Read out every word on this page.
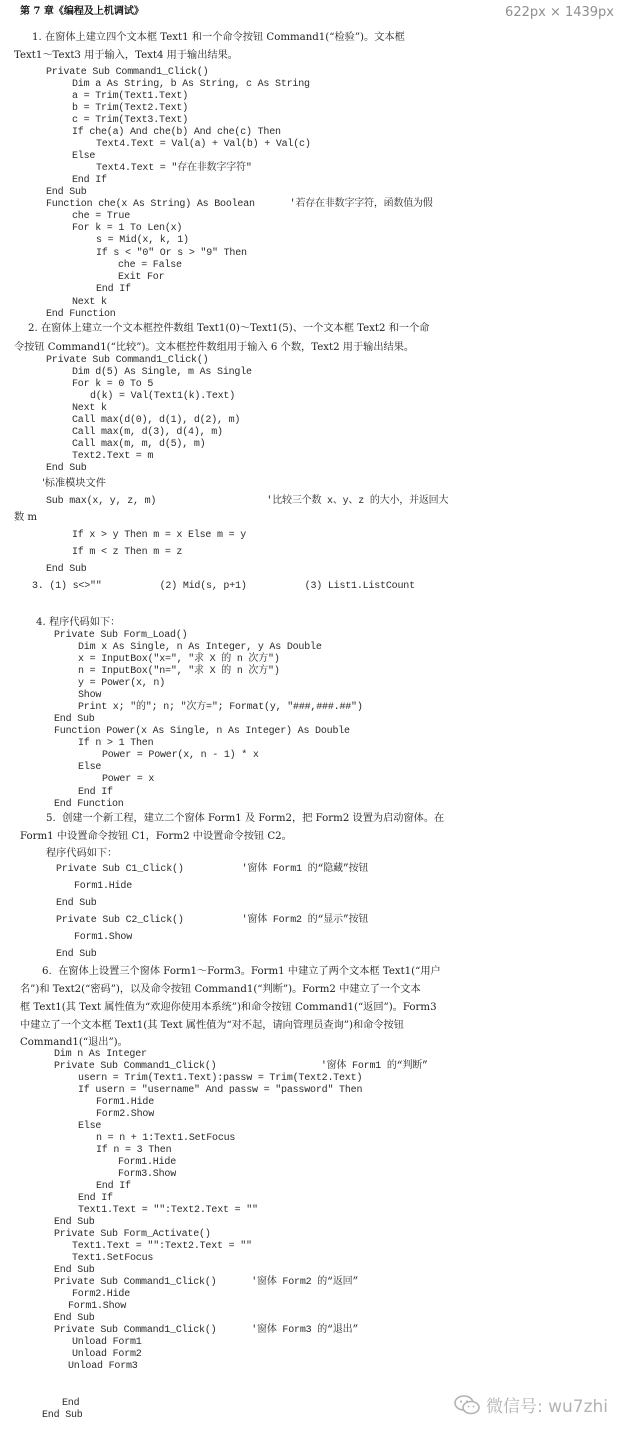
622px × 1439px
第 7 章《编程及上机调试》
1. 在窗体上建立四个文本框 Text1 和一个命令按钮 Command1(“检验”)。文本框
Text1～Text3 用于输入，Text4 用于输出结果。
Private Sub Command1_Click()
Dim a As String, b As String, c As String
a = Trim(Text1.Text)
b = Trim(Text2.Text)
c = Trim(Text3.Text)
If che(a) And che(b) And che(c) Then
Text4.Text = Val(a) + Val(b) + Val(c)
Else
Text4.Text = "存在非数字字符"
End If
End Sub
Function che(x As String) As Boolean      '若存在非数字字符，函数值为假
che = True
For k = 1 To Len(x)
s = Mid(x, k, 1)
If s < "0" Or s > "9" Then
che = False
Exit For
End If
Next k
End Function
2. 在窗体上建立一个文本框控件数组 Text1(0)～Text1(5)、一个文本框 Text2 和一个命
令按钮 Command1(“比较”)。文本框控件数组用于输入 6 个数，Text2 用于输出结果。
Private Sub Command1_Click()
Dim d(5) As Single, m As Single
For k = 0 To 5
d(k) = Val(Text1(k).Text)
Next k
Call max(d(0), d(1), d(2), m)
Call max(m, d(3), d(4), m)
Call max(m, m, d(5), m)
Text2.Text = m
End Sub
'标准模块文件
Sub max(x, y, z, m)                   '比较三个数 x、y、z 的大小，并返回大
数 m
If x > y Then m = x Else m = y
If m < z Then m = z
End Sub
3. (1) s<>""          (2) Mid(s, p+1)          (3) List1.ListCount
4. 程序代码如下：
Private Sub Form_Load()
Dim x As Single, n As Integer, y As Double
x = InputBox("x=", "求 X 的 n 次方")
n = InputBox("n=", "求 X 的 n 次方")
y = Power(x, n)
Show
Print x; "的"; n; "次方="; Format(y, "###,###.##")
End Sub
Function Power(x As Single, n As Integer) As Double
If n > 1 Then
Power = Power(x, n - 1) * x
Else
Power = x
End If
End Function
5.  创建一个新工程，建立二个窗体 Form1 及 Form2，把 Form2 设置为启动窗体。在
Form1 中设置命令按钮 C1，Form2 中设置命令按钮 C2。
程序代码如下：
Private Sub C1_Click()          '窗体 Form1 的“隐藏”按钮
Form1.Hide
End Sub
Private Sub C2_Click()          '窗体 Form2 的“显示”按钮
Form1.Show
End Sub
6.  在窗体上设置三个窗体 Form1～Form3。Form1 中建立了两个文本框 Text1(“用户
名”)和 Text2(“密码”)，以及命令按钮 Command1(“判断”)。Form2 中建立了一个文本
框 Text1(其 Text 属性值为“欢迎你使用本系统”)和命令按钮 Command1(“返回”)。Form3
中建立了一个文本框 Text1(其 Text 属性值为“对不起，请向管理员查询”)和命令按钮
Command1(“退出”)。
Dim n As Integer
Private Sub Command1_Click()                  '窗体 Form1 的“判断”
usern = Trim(Text1.Text):passw = Trim(Text2.Text)
If usern = "username" And passw = "password" Then
Form1.Hide
Form2.Show
Else
n = n + 1:Text1.SetFocus
If n = 3 Then
Form1.Hide
Form3.Show
End If
End If
Text1.Text = "":Text2.Text = ""
End Sub
Private Sub Form_Activate()
Text1.Text = "":Text2.Text = ""
Text1.SetFocus
End Sub
Private Sub Command1_Click()      '窗体 Form2 的“返回”
Form2.Hide
Form1.Show
End Sub
Private Sub Command1_Click()      '窗体 Form3 的“退出”
Unload Form1
Unload Form2
Unload Form3
End
End Sub	微信号: wu7zhi
